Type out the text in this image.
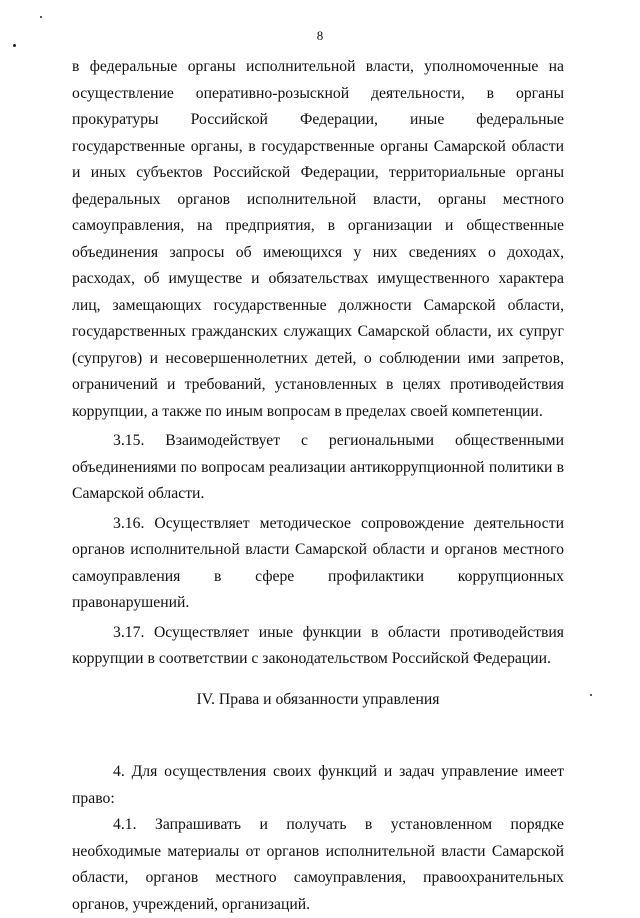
8

в федеральные органы исполнительной власти, уполномоченные на осуществление оперативно-розыскной деятельности, в органы прокуратуры Российской Федерации, иные федеральные государственные органы, в государственные органы Самарской области и иных субъектов Российской Федерации, территориальные органы федеральных органов исполнительной власти, органы местного самоуправления, на предприятия, в организации и общественные объединения запросы об имеющихся у них сведениях о доходах, расходах, об имуществе и обязательствах имущественного характера лиц, замещающих государственные должности Самарской области, государственных гражданских служащих Самарской области, их супруг (супругов) и несовершеннолетних детей, о соблюдении ими запретов, ограничений и требований, установленных в целях противодействия коррупции, а также по иным вопросам в пределах своей компетенции.

3.15. Взаимодействует с региональными общественными объединениями по вопросам реализации антикоррупционной политики в Самарской области.

3.16. Осуществляет методическое сопровождение деятельности органов исполнительной власти Самарской области и органов местного самоуправления в сфере профилактики коррупционных правонарушений.

3.17. Осуществляет иные функции в области противодействия коррупции в соответствии с законодательством Российской Федерации.

IV. Права и обязанности управления

4. Для осуществления своих функций и задач управление имеет право:

4.1. Запрашивать и получать в установленном порядке необходимые материалы от органов исполнительной власти Самарской области, органов местного самоуправления, правоохранительных органов, учреждений, организаций.
